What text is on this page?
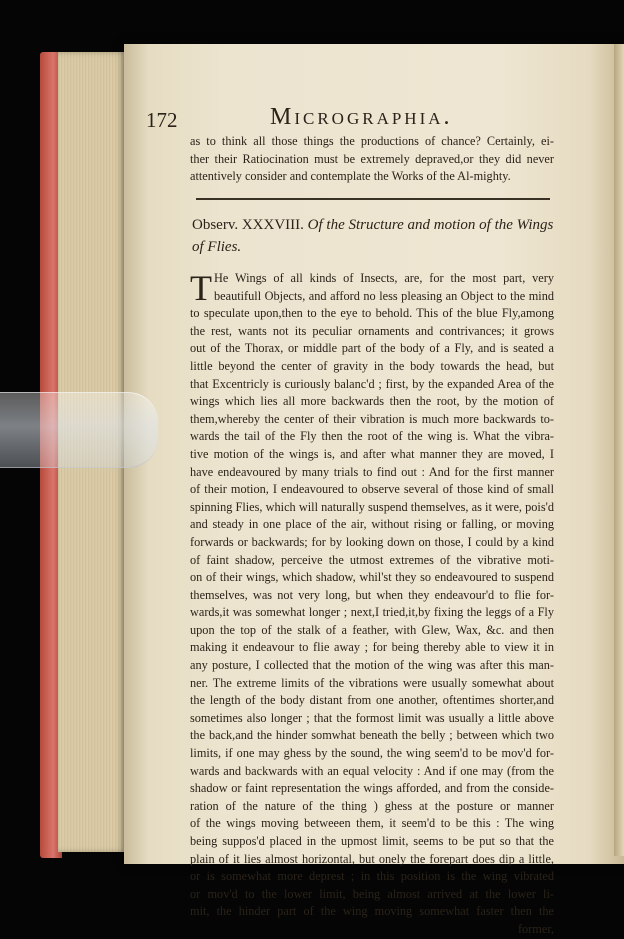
172	Micrographia.
as to think all those things the productions of chance? Certainly, ei-
ther their Ratiocination must be extremely depraved,or they did never
attentively consider and contemplate the Works of the Al-mighty.
Observ. XXXVIII. Of the Structure and motion of the Wings
of Flies.
T He Wings of all kinds of Insects, are, for the most part, very
beautifull Objects, and afford no less pleasing an Object to the mind
to speculate upon,then to the eye to behold. This of the blue Fly,among
the rest, wants not its peculiar ornaments and contrivances; it grows
out of the Thorax, or middle part of the body of a Fly, and is seated a
little beyond the center of gravity in the body towards the head, but
that Excentricly is curiously balanc'd ; first, by the expanded Area of the
wings which lies all more backwards then the root, by the motion of
them,whereby the center of their vibration is much more backwards to-
wards the tail of the Fly then the root of the wing is. What the vibra-
tive motion of the wings is, and after what manner they are moved, I
have endeavoured by many trials to find out : And for the first manner
of their motion, I endeavoured to observe several of those kind of small
spinning Flies, which will naturally suspend themselves, as it were, pois'd
and steady in one place of the air, without rising or falling, or moving
forwards or backwards; for by looking down on those, I could by a kind
of faint shadow, perceive the utmost extremes of the vibrative moti-
on of their wings, which shadow, whil'st they so endeavoured to suspend
themselves, was not very long, but when they endeavour'd to flie for-
wards,it was somewhat longer ; next,I tried,it,by fixing the leggs of a Fly
upon the top of the stalk of a feather, with Glew, Wax, &c. and then
making it endeavour to flie away ; for being thereby able to view it in
any posture, I collected that the motion of the wing was after this man-
ner. The extreme limits of the vibrations were usually somewhat about
the length of the body distant from one another, oftentimes shorter,and
sometimes also longer ; that the formost limit was usually a little above
the back,and the hinder somwhat beneath the belly ; between which two
limits, if one may ghess by the sound, the wing seem'd to be mov'd for-
wards and backwards with an equal velocity : And if one may (from the
shadow or faint representation the wings afforded, and from the conside-
ration of the nature of the thing ) ghess at the posture or manner
of the wings moving betweeen them, it seem'd to be this : The wing
being suppos'd placed in the upmost limit, seems to be put so that the
plain of it lies almost horizontal, but onely the forepart does dip a little,
or is somewhat more deprest ; in this position is the wing vibrated
or mov'd to the lower limit, being almost arrived at the lower li-
mit, the hinder part of the wing moving somewhat faster then the
former,
